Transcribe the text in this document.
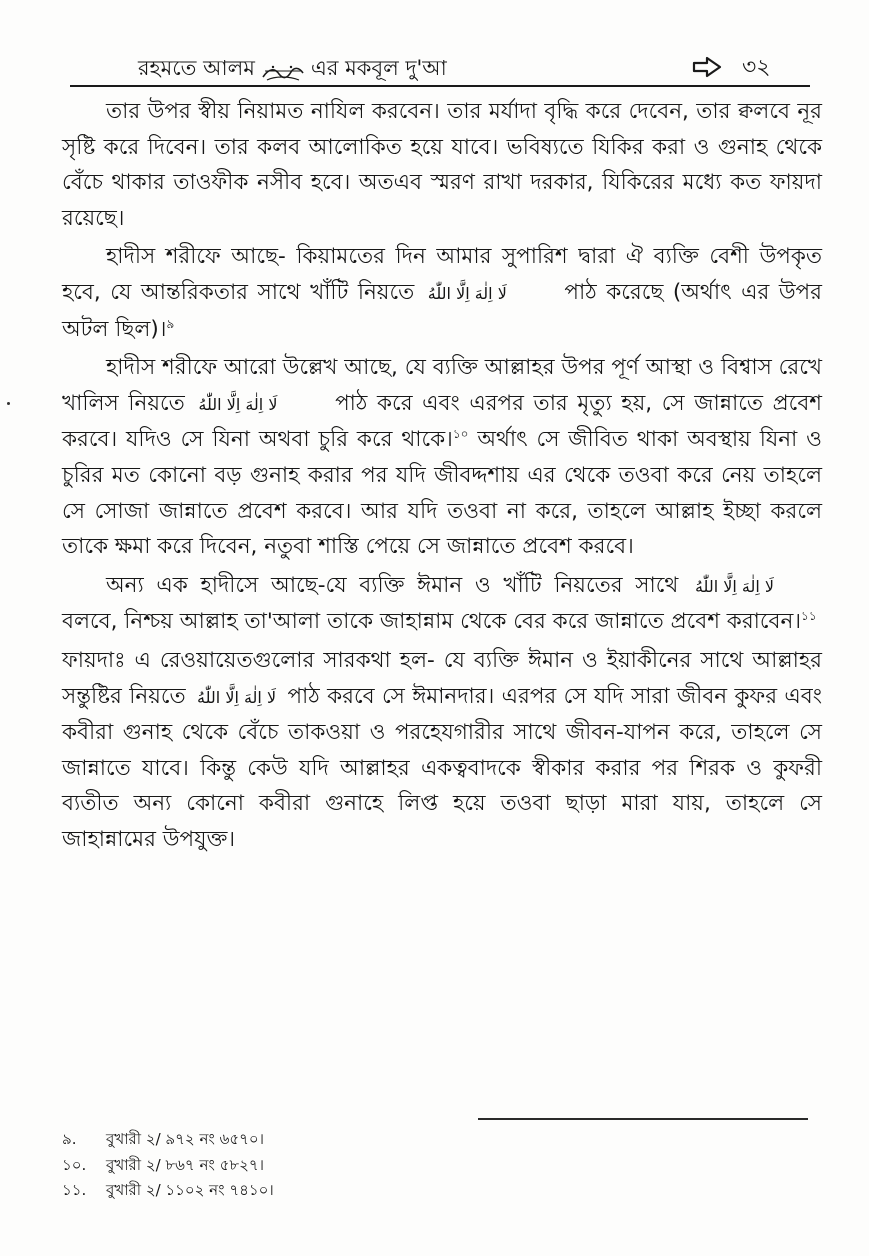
রহমতে আলম	এর মকবূল দু'আ	৩২

তার উপর স্বীয় নিয়ামত নাযিল করবেন। তার মর্যাদা বৃদ্ধি করে দেবেন, তার ক্বলবে নূর সৃষ্টি করে দিবেন। তার কলব আলোকিত হয়ে যাবে। ভবিষ্যতে যিকির করা ও গুনাহ থেকে বেঁচে থাকার তাওফীক নসীব হবে। অতএব স্মরণ রাখা দরকার, যিকিরের মধ্যে কত ফায়দা রয়েছে।

হাদীস শরীফে আছে- কিয়ামতের দিন আমার সুপারিশ দ্বারা ঐ ব্যক্তি বেশী উপকৃত হবে, যে আন্তরিকতার সাথে খাঁটি নিয়তে لَا اِلٰهَ اِلَّا اللّٰهُ	পাঠ করেছে (অর্থাৎ এর উপর অটল ছিল)।$^৯$

হাদীস শরীফে আরো উল্লেখ আছে, যে ব্যক্তি আল্লাহর উপর পূর্ণ আস্থা ও বিশ্বাস রেখে খালিস নিয়তে لَا اِلٰهَ اِلَّا اللّٰهُ	পাঠ করে এবং এরপর তার মৃত্যু হয়, সে জান্নাতে প্রবেশ করবে। যদিও সে যিনা অথবা চুরি করে থাকে।$^{১০}$ অর্থাৎ সে জীবিত থাকা অবস্থায় যিনা ও চুরির মত কোনো বড় গুনাহ করার পর যদি জীবদ্দশায় এর থেকে তওবা করে নেয় তাহলে সে সোজা জান্নাতে প্রবেশ করবে। আর যদি তওবা না করে, তাহলে আল্লাহ ইচ্ছা করলে তাকে ক্ষমা করে দিবেন, নতুবা শাস্তি পেয়ে সে জান্নাতে প্রবেশ করবে।

অন্য এক হাদীসে আছে-যে ব্যক্তি ঈমান ও খাঁটি নিয়তের সাথে لَا اِلٰهَ اِلَّا اللّٰهُ বলবে, নিশ্চয় আল্লাহ তা'আলা তাকে জাহান্নাম থেকে বের করে জান্নাতে প্রবেশ করাবেন।$^{১১}$

ফায়দাঃ এ রেওয়ায়েতগুলোর সারকথা হল- যে ব্যক্তি ঈমান ও ইয়াকীনের সাথে আল্লাহর সন্তুষ্টির নিয়তে لَا اِلٰهَ اِلَّا اللّٰهُ পাঠ করবে সে ঈমানদার। এরপর সে যদি সারা জীবন কুফর এবং কবীরা গুনাহ থেকে বেঁচে তাকওয়া ও পরহেযগারীর সাথে জীবন-যাপন করে, তাহলে সে জান্নাতে যাবে। কিন্তু কেউ যদি আল্লাহর একত্ববাদকে স্বীকার করার পর শিরক ও কুফরী ব্যতীত অন্য কোনো কবীরা গুনাহে লিপ্ত হয়ে তওবা ছাড়া মারা যায়, তাহলে সে জাহান্নামের উপযুক্ত।

৯. বুখারী ২/ ৯৭২ নং ৬৫৭০।
১০. বুখারী ২/ ৮৬৭ নং ৫৮২৭।
১১. বুখারী ২/ ১১০২ নং ৭৪১০।
